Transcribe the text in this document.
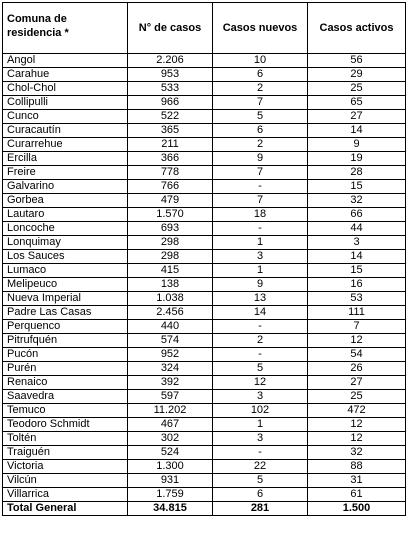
Comuna de residencia *	N° de casos	Casos nuevos	Casos activos
Angol	2.206	10	56
Carahue	953	6	29
Chol-Chol	533	2	25
Collipulli	966	7	65
Cunco	522	5	27
Curacautín	365	6	14
Curarrehue	211	2	9
Ercilla	366	9	19
Freire	778	7	28
Galvarino	766	-	15
Gorbea	479	7	32
Lautaro	1.570	18	66
Loncoche	693	-	44
Lonquimay	298	1	3
Los Sauces	298	3	14
Lumaco	415	1	15
Melipeuco	138	9	16
Nueva Imperial	1.038	13	53
Padre Las Casas	2.456	14	111
Perquenco	440	-	7
Pitrufquén	574	2	12
Pucón	952	-	54
Purén	324	5	26
Renaico	392	12	27
Saavedra	597	3	25
Temuco	11.202	102	472
Teodoro Schmidt	467	1	12
Toltén	302	3	12
Traiguén	524	-	32
Victoria	1.300	22	88
Vilcún	931	5	31
Villarrica	1.759	6	61
Total General	34.815	281	1.500
